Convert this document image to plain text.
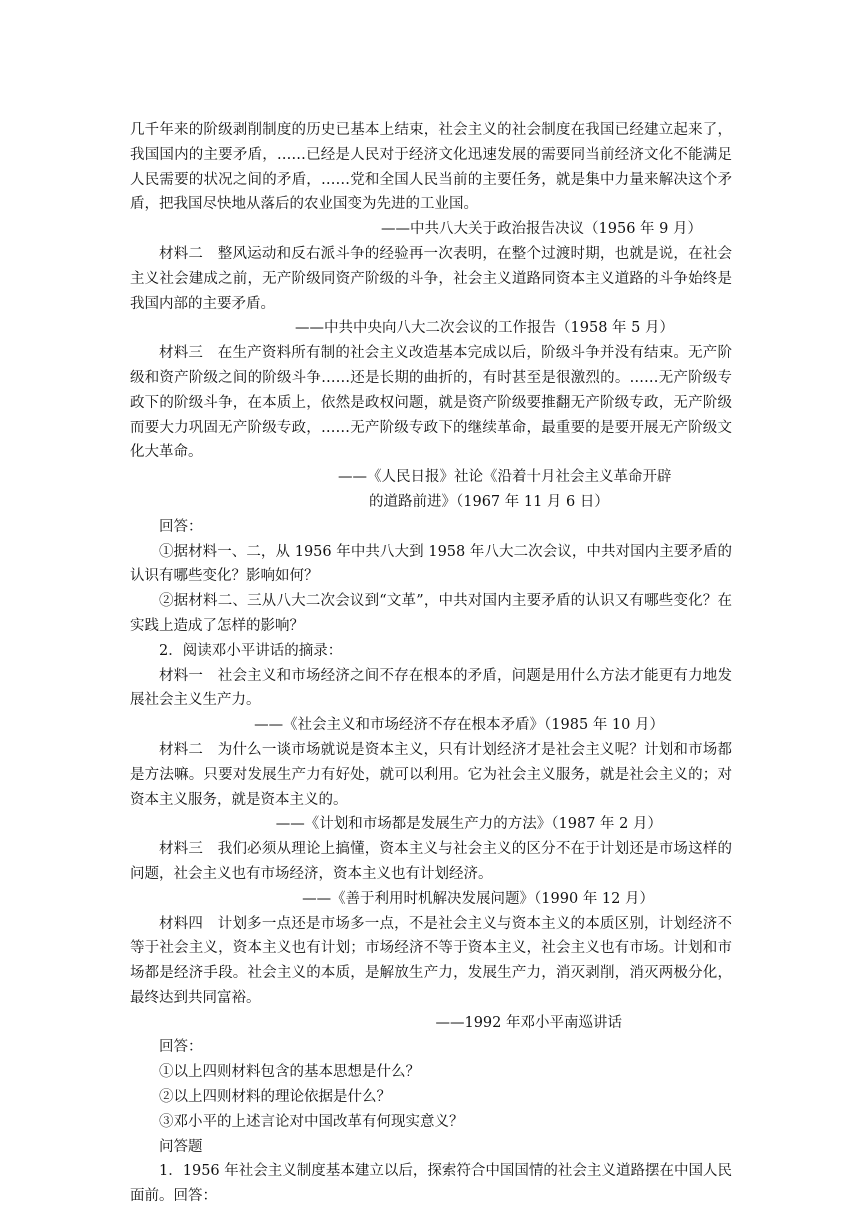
几千年来的阶级剥削制度的历史已基本上结束，社会主义的社会制度在我国已经建立起来了，我国国内的主要矛盾，……已经是人民对于经济文化迅速发展的需要同当前经济文化不能满足人民需要的状况之间的矛盾，……党和全国人民当前的主要任务，就是集中力量来解决这个矛盾，把我国尽快地从落后的农业国变为先进的工业国。

——中共八大关于政治报告决议（1956 年 9 月）

材料二　整风运动和反右派斗争的经验再一次表明，在整个过渡时期，也就是说，在社会主义社会建成之前，无产阶级同资产阶级的斗争，社会主义道路同资本主义道路的斗争始终是我国内部的主要矛盾。

——中共中央向八大二次会议的工作报告（1958 年 5 月）

材料三　在生产资料所有制的社会主义改造基本完成以后，阶级斗争并没有结束。无产阶级和资产阶级之间的阶级斗争……还是长期的曲折的，有时甚至是很激烈的。……无产阶级专政下的阶级斗争，在本质上，依然是政权问题，就是资产阶级要推翻无产阶级专政，无产阶级而要大力巩固无产阶级专政，……无产阶级专政下的继续革命，最重要的是要开展无产阶级文化大革命。

——《人民日报》社论《沿着十月社会主义革命开辟

的道路前进》（1967 年 11 月 6 日）

回答：

①据材料一、二，从 1956 年中共八大到 1958 年八大二次会议，中共对国内主要矛盾的认识有哪些变化？影响如何？

②据材料二、三从八大二次会议到“文革”，中共对国内主要矛盾的认识又有哪些变化？在实践上造成了怎样的影响？

2．阅读邓小平讲话的摘录：

材料一　社会主义和市场经济之间不存在根本的矛盾，问题是用什么方法才能更有力地发展社会主义生产力。

——《社会主义和市场经济不存在根本矛盾》（1985 年 10 月）

材料二　为什么一谈市场就说是资本主义，只有计划经济才是社会主义呢？计划和市场都是方法嘛。只要对发展生产力有好处，就可以利用。它为社会主义服务，就是社会主义的；对资本主义服务，就是资本主义的。

——《计划和市场都是发展生产力的方法》（1987 年 2 月）

材料三　我们必须从理论上搞懂，资本主义与社会主义的区分不在于计划还是市场这样的问题，社会主义也有市场经济，资本主义也有计划经济。

——《善于利用时机解决发展问题》（1990 年 12 月）

材料四　计划多一点还是市场多一点，不是社会主义与资本主义的本质区别，计划经济不等于社会主义，资本主义也有计划；市场经济不等于资本主义，社会主义也有市场。计划和市场都是经济手段。社会主义的本质，是解放生产力，发展生产力，消灭剥削，消灭两极分化，最终达到共同富裕。

——1992 年邓小平南巡讲话

回答：

①以上四则材料包含的基本思想是什么？

②以上四则材料的理论依据是什么？

③邓小平的上述言论对中国改革有何现实意义？

问答题

1．1956 年社会主义制度基本建立以后，探索符合中国国情的社会主义道路摆在中国人民面前。回答：
